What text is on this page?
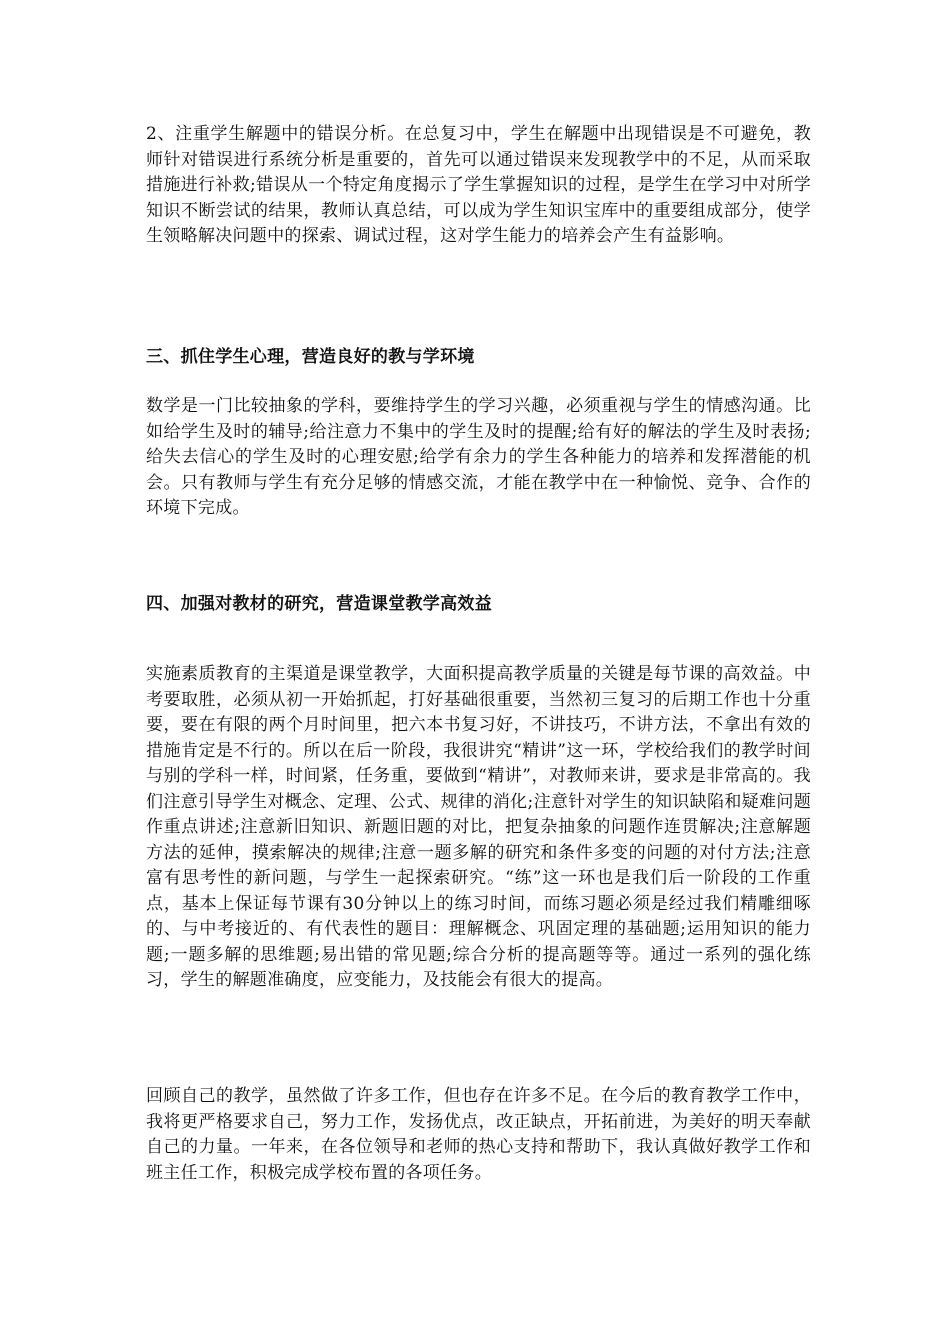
2、注重学生解题中的错误分析。在总复习中，学生在解题中出现错误是不可避免，教师针对错误进行系统分析是重要的，首先可以通过错误来发现教学中的不足，从而采取措施进行补救;错误从一个特定角度揭示了学生掌握知识的过程，是学生在学习中对所学知识不断尝试的结果，教师认真总结，可以成为学生知识宝库中的重要组成部分，使学生领略解决问题中的探索、调试过程，这对学生能力的培养会产生有益影响。

三、抓住学生心理，营造良好的教与学环境

数学是一门比较抽象的学科，要维持学生的学习兴趣，必须重视与学生的情感沟通。比如给学生及时的辅导;给注意力不集中的学生及时的提醒;给有好的解法的学生及时表扬;给失去信心的学生及时的心理安慰;给学有余力的学生各种能力的培养和发挥潜能的机会。只有教师与学生有充分足够的情感交流，才能在教学中在一种愉悦、竞争、合作的环境下完成。

四、加强对教材的研究，营造课堂教学高效益

实施素质教育的主渠道是课堂教学，大面积提高教学质量的关键是每节课的高效益。中考要取胜，必须从初一开始抓起，打好基础很重要，当然初三复习的后期工作也十分重要，要在有限的两个月时间里，把六本书复习好，不讲技巧，不讲方法，不拿出有效的措施肯定是不行的。所以在后一阶段，我很讲究“精讲”这一环，学校给我们的教学时间与别的学科一样，时间紧，任务重，要做到“精讲”，对教师来讲，要求是非常高的。我们注意引导学生对概念、定理、公式、规律的消化;注意针对学生的知识缺陷和疑难问题作重点讲述;注意新旧知识、新题旧题的对比，把复杂抽象的问题作连贯解决;注意解题方法的延伸，摸索解决的规律;注意一题多解的研究和条件多变的问题的对付方法;注意富有思考性的新问题，与学生一起探索研究。“练”这一环也是我们后一阶段的工作重点，基本上保证每节课有30分钟以上的练习时间，而练习题必须是经过我们精雕细啄的、与中考接近的、有代表性的题目：理解概念、巩固定理的基础题;运用知识的能力题;一题多解的思维题;易出错的常见题;综合分析的提高题等等。通过一系列的强化练习，学生的解题准确度，应变能力，及技能会有很大的提高。

回顾自己的教学，虽然做了许多工作，但也存在许多不足。在今后的教育教学工作中，我将更严格要求自己，努力工作，发扬优点，改正缺点，开拓前进，为美好的明天奉献自己的力量。一年来，在各位领导和老师的热心支持和帮助下，我认真做好教学工作和班主任工作，积极完成学校布置的各项任务。
